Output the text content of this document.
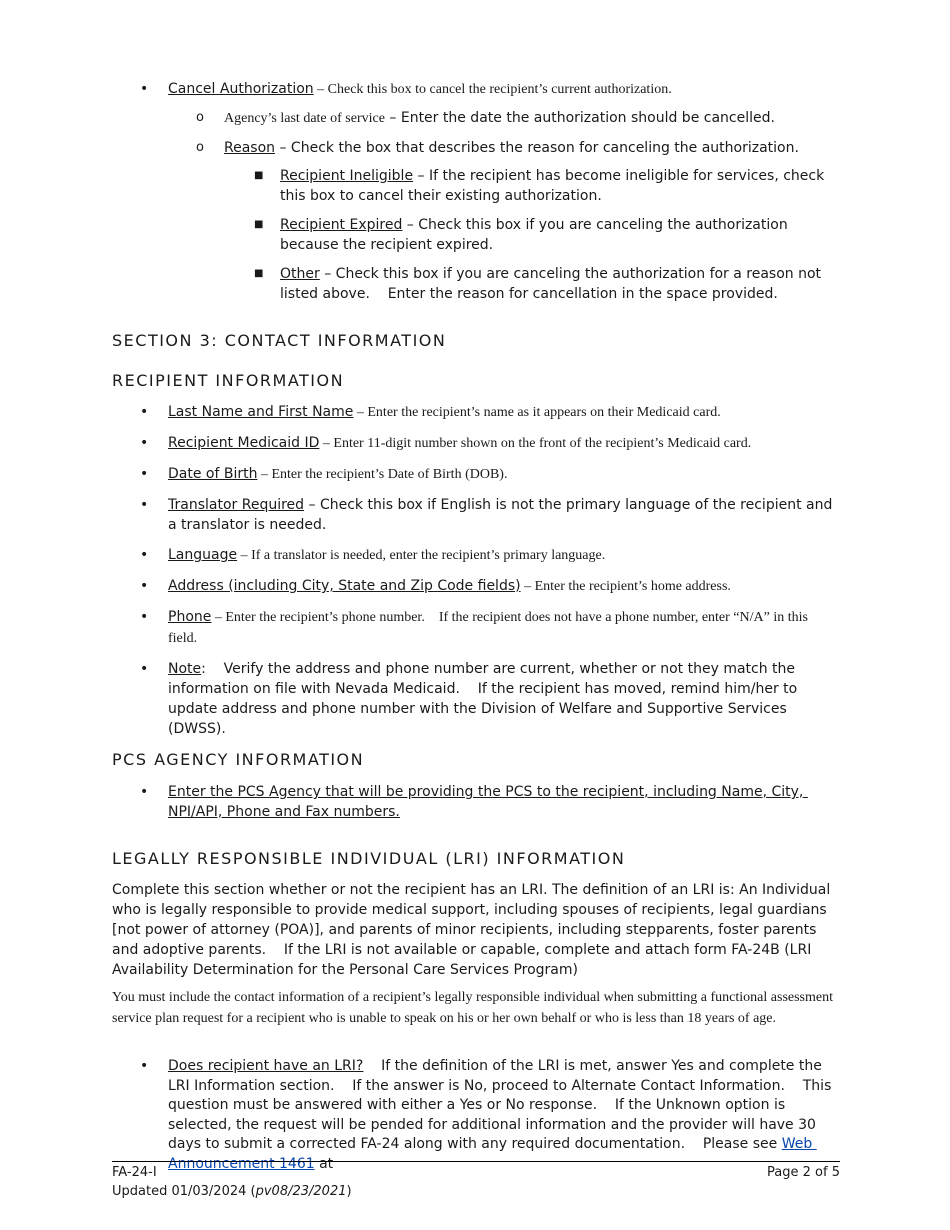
• Cancel Authorization – Check this box to cancel the recipient’s current authorization.
o Agency’s last date of service – Enter the date the authorization should be cancelled.
o Reason – Check the box that describes the reason for canceling the authorization.
■ Recipient Ineligible – If the recipient has become ineligible for services, check this box to cancel their existing authorization.
■ Recipient Expired – Check this box if you are canceling the authorization because the recipient expired.
■ Other – Check this box if you are canceling the authorization for a reason not listed above.    Enter the reason for cancellation in the space provided.
SECTION 3: CONTACT INFORMATION
RECIPIENT INFORMATION
• Last Name and First Name – Enter the recipient’s name as it appears on their Medicaid card.
• Recipient Medicaid ID – Enter 11-digit number shown on the front of the recipient’s Medicaid card.
• Date of Birth – Enter the recipient’s Date of Birth (DOB).
• Translator Required – Check this box if English is not the primary language of the recipient and a translator is needed.
• Language – If a translator is needed, enter the recipient’s primary language.
• Address (including City, State and Zip Code fields) – Enter the recipient’s home address.
• Phone – Enter the recipient’s phone number.    If the recipient does not have a phone number, enter “N/A” in this field.
• Note:    Verify the address and phone number are current, whether or not they match the information on file with Nevada Medicaid.    If the recipient has moved, remind him/her to update address and phone number with the Division of Welfare and Supportive Services (DWSS).
PCS AGENCY INFORMATION
• Enter the PCS Agency that will be providing the PCS to the recipient, including Name, City, NPI/API, Phone and Fax numbers.
LEGALLY RESPONSIBLE INDIVIDUAL (LRI) INFORMATION
Complete this section whether or not the recipient has an LRI. The definition of an LRI is: An Individual who is legally responsible to provide medical support, including spouses of recipients, legal guardians [not power of attorney (POA)], and parents of minor recipients, including stepparents, foster parents and adoptive parents.    If the LRI is not available or capable, complete and attach form FA-24B (LRI Availability Determination for the Personal Care Services Program)
You must include the contact information of a recipient’s legally responsible individual when submitting a functional assessment service plan request for a recipient who is unable to speak on his or her own behalf or who is less than 18 years of age.
• Does recipient have an LRI?    If the definition of the LRI is met, answer Yes and complete the LRI Information section.    If the answer is No, proceed to Alternate Contact Information.    This question must be answered with either a Yes or No response.    If the Unknown option is selected, the request will be pended for additional information and the provider will have 30 days to submit a corrected FA-24 along with any required documentation.    Please see Web Announcement 1461 at
FA-24-I
Updated 01/03/2024 (pv08/23/2021)
Page 2 of 5
